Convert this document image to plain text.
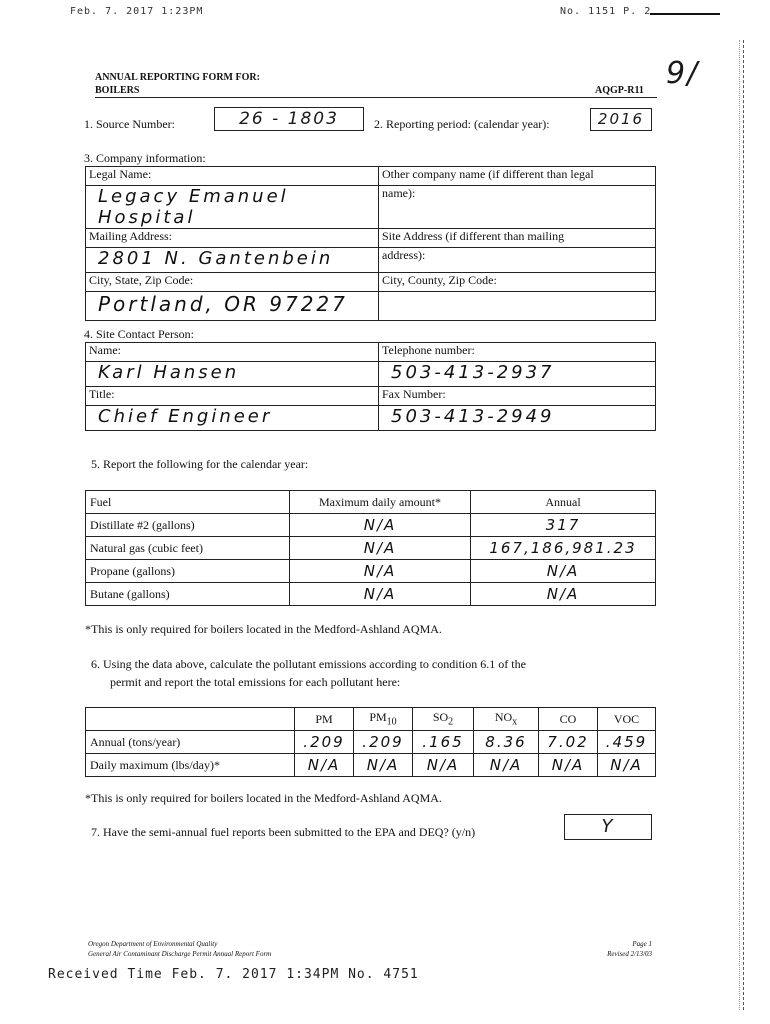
Feb. 7. 2017 1:23PM	No. 1151 P. 2
ANNUAL REPORTING FORM FOR:
BOILERS	AQGP-R11 9/
1. Source Number:	26 - 1803	2. Reporting period: (calendar year):	2016
3. Company information:
Legal Name:	Other company name (if different than legal
Legacy Emanuel Hospital	name):
Mailing Address:	Site Address (if different than mailing
2801 N. Gantenbein	address):
City, State, Zip Code:	City, County, Zip Code:
Portland, OR 97227	
4. Site Contact Person:
Name:	Telephone number:
Karl Hansen	503-413-2937
Title:	Fax Number:
Chief Engineer	503-413-2949
5. Report the following for the calendar year:
Fuel	Maximum daily amount*	Annual
Distillate #2 (gallons)	N/A	317
Natural gas (cubic feet)	N/A	167,186,981.23
Propane (gallons)	N/A	N/A
Butane (gallons)	N/A	N/A
*This is only required for boilers located in the Medford-Ashland AQMA.
6. Using the data above, calculate the pollutant emissions according to condition 6.1 of the
permit and report the total emissions for each pollutant here:
	PM	$PM_{10}$	$SO_2$	$NO_x$	CO	VOC
Annual (tons/year)	.209	.209	.165	8.36	7.02	.459
Daily maximum (lbs/day)*	N/A	N/A	N/A	N/A	N/A	N/A
*This is only required for boilers located in the Medford-Ashland AQMA.
7. Have the semi-annual fuel reports been submitted to the EPA and DEQ? (y/n)	Y
Oregon Department of Environmental Quality
General Air Contaminant Discharge Permit Annual Report Form
Page 1
Revised 2/13/03
Received Time Feb. 7. 2017 1:34PM No. 4751
